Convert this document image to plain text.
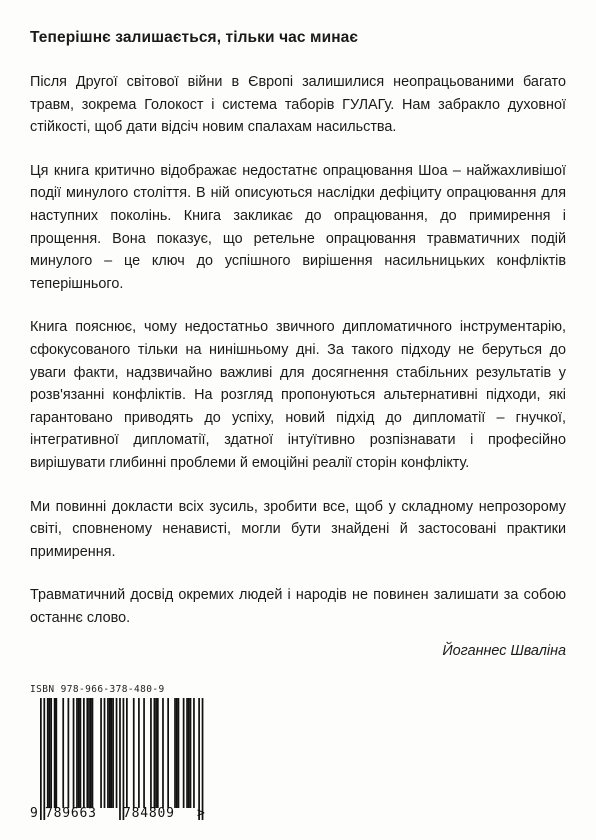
Теперішнє залишається, тільки час минає

Після Другої світової війни в Європі залишилися неопрацьованими багато травм, зокрема Голокост і система таборів ГУЛАГу. Нам забракло духовної стійкості, щоб дати відсіч новим спалахам насильства.

Ця книга критично відображає недостатнє опрацювання Шоа – найжахливішої події минулого століття. В ній описуються наслідки дефіциту опрацювання для наступних поколінь. Книга закликає до опрацювання, до примирення і прощення. Вона показує, що ретельне опрацювання травматичних подій минулого – це ключ до успішного вирішення насильницьких конфліктів теперішнього.

Книга пояснює, чому недостатньо звичного дипломатичного інструментарію, сфокусованого тільки на нинішньому дні. За такого підходу не беруться до уваги факти, надзвичайно важливі для досягнення стабільних результатів у розв'язанні конфліктів. На розгляд пропонуються альтернативні підходи, які гарантовано приводять до успіху, новий підхід до дипломатії – гнучкої, інтегративної дипломатії, здатної інтуїтивно розпізнавати і професійно вирішувати глибинні проблеми й емоційні реалії сторін конфлікту.

Ми повинні докласти всіх зусиль, зробити все, щоб у складному непрозорому світі, сповненому ненависті, могли бути знайдені й застосовані практики примирення.

Травматичний досвід окремих людей і народів не повинен залишати за собою останнє слово.

Йоганнес Шваліна
ISBN 978-966-378-480-9
9 789663 784809 >
